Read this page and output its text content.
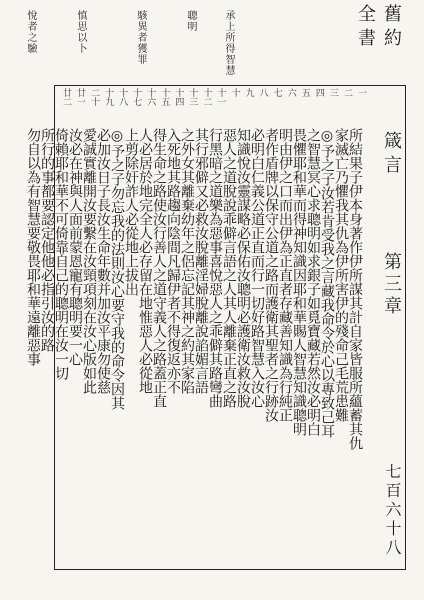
舊約全書
箴言
第三章
七百六十八
承上所得智慧
聰明
駭異者獲罪
慎思以卜
悅者之驗
一
二
三
四
五
六
七
八
九
十
十一
十二
十三
十四
十五
十六
十七
十八
十九
二十
廿一
廿二
所結果子伊本身著作伊所謀其計自家皆服所蘊蓄其仇
家滅亡乃懼我其仇為伊所害伊的殘命己毛荒患難
◎予之子汝若肯受我之言藏我命令於心以專致己耳
之智慧冥心求聰明如求銀子如覓寶藏若然汝必明白
畏懼耶和華而得神知識因耶和華賜人智慧知識聰明
明由伊之口而出伊為正直者存藏善知識為行純正
者作盾牌以保守公道之路而護衛其聖者之行跡汝
必明白仁義公道正直而行一切好路智慧入汝心
知識悅汝靈謀略必保佑汝聰明必護衛汝救汝脫
惡人之道脫說乖僻言語之人其人離棄正直之路
行黑暗之道樂為惡事喜悅惡人之乖僻其路彎曲
其行邪僻又必救汝脫離淫婦脫離說諂媚言語
之外女其離棄幼年之侶忘記其神之約其家陷
入死地其路趨向陰間凡歸伊者不得復返亦不
得生命之路使汝行善人之道守義人之路蓋正直
人必居於地完全人必存留在地惟惡人必從地
上剪除奸詐人必從地上拔出
◎予之子勿忘我的法則汝心要守我的命令因其
必加汝日子長汝生命年數并加汝平康勿使慈
愛誠實離開汝要繫在汝頸項刻在汝心版如此
汝必在神與人面前蒙恩寵有聰明要一心
倚賴耶和華不可倚靠自己的聰明在汝一切
所行的事都要認定他他必指引汝的路
勿自以為有智慧要敬畏耶和華遠離惡事
